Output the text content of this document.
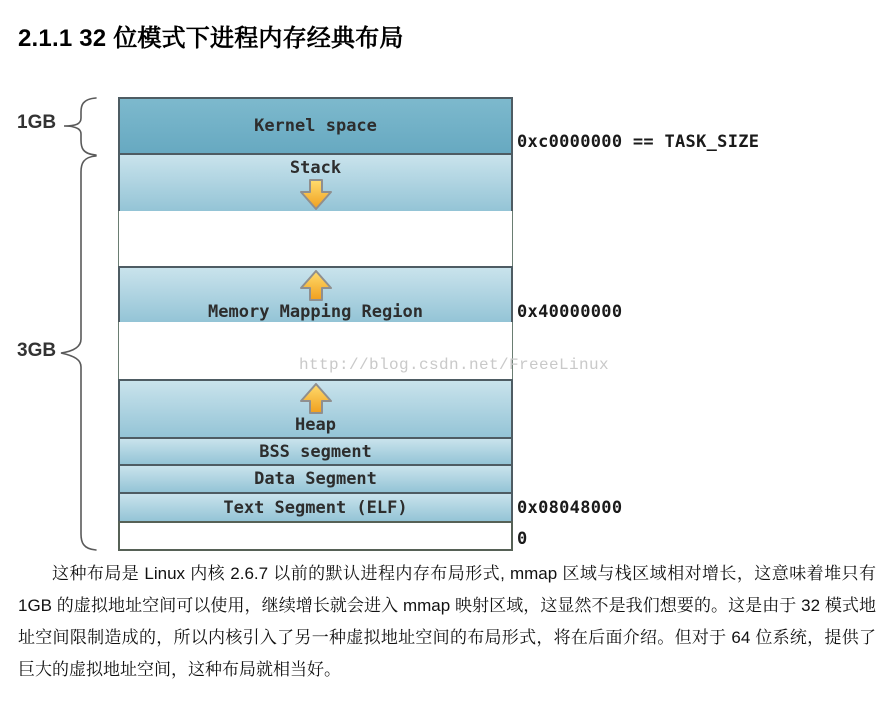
2.1.1 32 位模式下进程内存经典布局
1GB
3GB
Kernel space
Stack
Memory Mapping Region
Heap
BSS segment
Data Segment
Text Segment (ELF)
0xc0000000 == TASK_SIZE
0x40000000
0x08048000
0
http://blog.csdn.net/FreeeLinux
这种布局是 Linux 内核 2.6.7 以前的默认进程内存布局形式, mmap 区域与栈区域相对增长，这意味着堆只有 1GB 的虚拟地址空间可以使用，继续增长就会进入 mmap 映射区域，这显然不是我们想要的。这是由于 32 模式地址空间限制造成的，所以内核引入了另一种虚拟地址空间的布局形式，将在后面介绍。但对于 64 位系统，提供了巨大的虚拟地址空间，这种布局就相当好。
